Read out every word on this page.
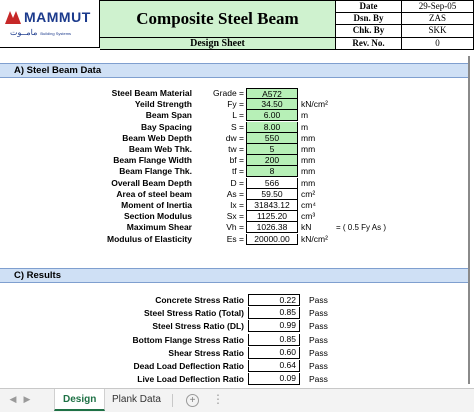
MAMMUT
مامــوت Building Systems
Composite Steel Beam
Design Sheet
Date	29-Sep-05
Dsn. By	ZAS
Chk. By	SKK
Rev. No.	0
A) Steel Beam Data
Steel Beam Material	Grade =	A572
Yeild Strength	Fy =	34.50	kN/cm²
Beam Span	L =	6.00	m
Bay Spacing	S =	8.00	m
Beam Web Depth	dw =	550	mm
Beam Web Thk.	tw =	5	mm
Beam Flange Width	bf =	200	mm
Beam Flange Thk.	tf =	8	mm
Overall Beam Depth	D =	566	mm
Area of steel beam	As =	59.50	cm²
Moment of Inertia	Ix =	31843.12	cm⁴
Section Modulus	Sx =	1125.20	cm³
Maximum Shear	Vh =	1026.38	kN	= ( 0.5 Fy As )
Modulus of Elasticity	Es =	20000.00	kN/cm²
C) Results
Concrete Stress Ratio	0.22	Pass
Steel Stress Ratio (Total)	0.85	Pass
Steel Stress Ratio (DL)	0.99	Pass
Bottom Flange Stress Ratio	0.85	Pass
Shear Stress Ratio	0.60	Pass
Dead Load Deflection Ratio	0.64	Pass
Live Load Deflection Ratio	0.09	Pass
◀ ▶	Design	Plank Data	+ ⋮
